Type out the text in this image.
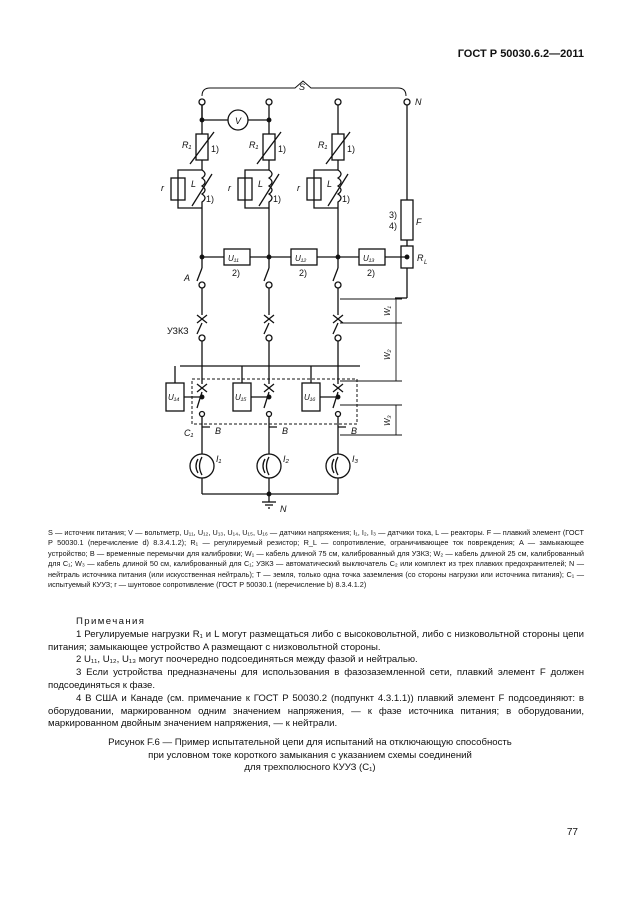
ГОСТ Р 50030.6.2—2011
S
N
V
R₁	R₁	R₁
1)	1)	1)
r	r	r
L	L	L
1)	1)	1)
3)
4) F
R L
U₁₁	U₁₂	U₁₃
2)	2)	2)
A
УЗКЗ
U₁₄	U₁₅	U₁₆
C₁ B	B	B
I₁	I₂	I₃
N
W₁
W₂
W₃

S — источник питания; V — вольтметр, U₁₁, U₁₂, U₁₃, U₁₄, U₁₅, U₁₆ — датчики напряжения; I₁, I₂, I₃ — датчики тока, L — реакторы. F — плавкий элемент (ГОСТ Р 50030.1 (перечисление d) 8.3.4.1.2); R₁ — регулируемый резистор; R_L — сопротивление, ограничивающее ток повреждения; A — замыкающее устройство; B — временные перемычки для калибровки; W₁ — кабель длиной 75 см, калиброванный для УЗКЗ; W₂ — кабель длиной 25 см, калиброванный для C₁; W₃ — кабель длиной 50 см, калиброванный для C₁; УЗКЗ — автоматический выключатель C₂ или комплект из трех плавких предохранителей; N — нейтраль источника питания (или искусственная нейтраль); T — земля, только одна точка заземления (со стороны нагрузки или источника питания); C₁ — испытуемый КУУЗ; r — шунтовое сопротивление (ГОСТ Р 50030.1 (перечисление b) 8.3.4.1.2)

Примечания

1 Регулируемые нагрузки R₁ и L могут размещаться либо с высоковольтной, либо с низковольтной стороны цепи питания; замыкающее устройство A размещают с низковольтной стороны.

2 U₁₁, U₁₂, U₁₃ могут поочередно подсоединяться между фазой и нейтралью.

3 Если устройства предназначены для использования в фазозаземленной сети, плавкий элемент F должен подсоединяться к фазе.

4 В США и Канаде (см. примечание к ГОСТ Р 50030.2 (подпункт 4.3.1.1)) плавкий элемент F подсоединяют: в оборудовании, маркированном одним значением напряжения, — к фазе источника питания; в оборудовании, маркированном двойным значением напряжения, — к нейтрали.

Рисунок F.6 — Пример испытательной цепи для испытаний на отключающую способность

при условном токе короткого замыкания с указанием схемы соединений

для трехполюсного КУУЗ (C₁)

77
